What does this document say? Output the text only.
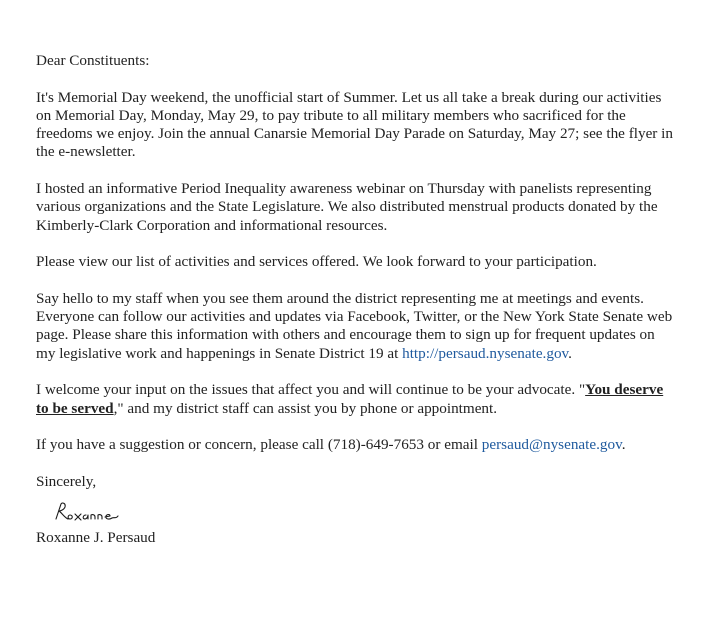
Dear Constituents:

It's Memorial Day weekend, the unofficial start of Summer. Let us all take a break during our activities on Memorial Day, Monday, May 29, to pay tribute to all military members who sacrificed for the freedoms we enjoy. Join the annual Canarsie Memorial Day Parade on Saturday, May 27; see the flyer in the e-newsletter.

I hosted an informative Period Inequality awareness webinar on Thursday with panelists representing various organizations and the State Legislature. We also distributed menstrual products donated by the Kimberly-Clark Corporation and informational resources.

Please view our list of activities and services offered. We look forward to your participation.

Say hello to my staff when you see them around the district representing me at meetings and events. Everyone can follow our activities and updates via Facebook, Twitter, or the New York State Senate web page. Please share this information with others and encourage them to sign up for frequent updates on my legislative work and happenings in Senate District 19 at http://persaud.nysenate.gov.

I welcome your input on the issues that affect you and will continue to be your advocate. "You deserve to be served," and my district staff can assist you by phone or appointment.

If you have a suggestion or concern, please call (718)-649-7653 or email persaud@nysenate.gov.

Sincerely,

Roxanne J. Persaud
